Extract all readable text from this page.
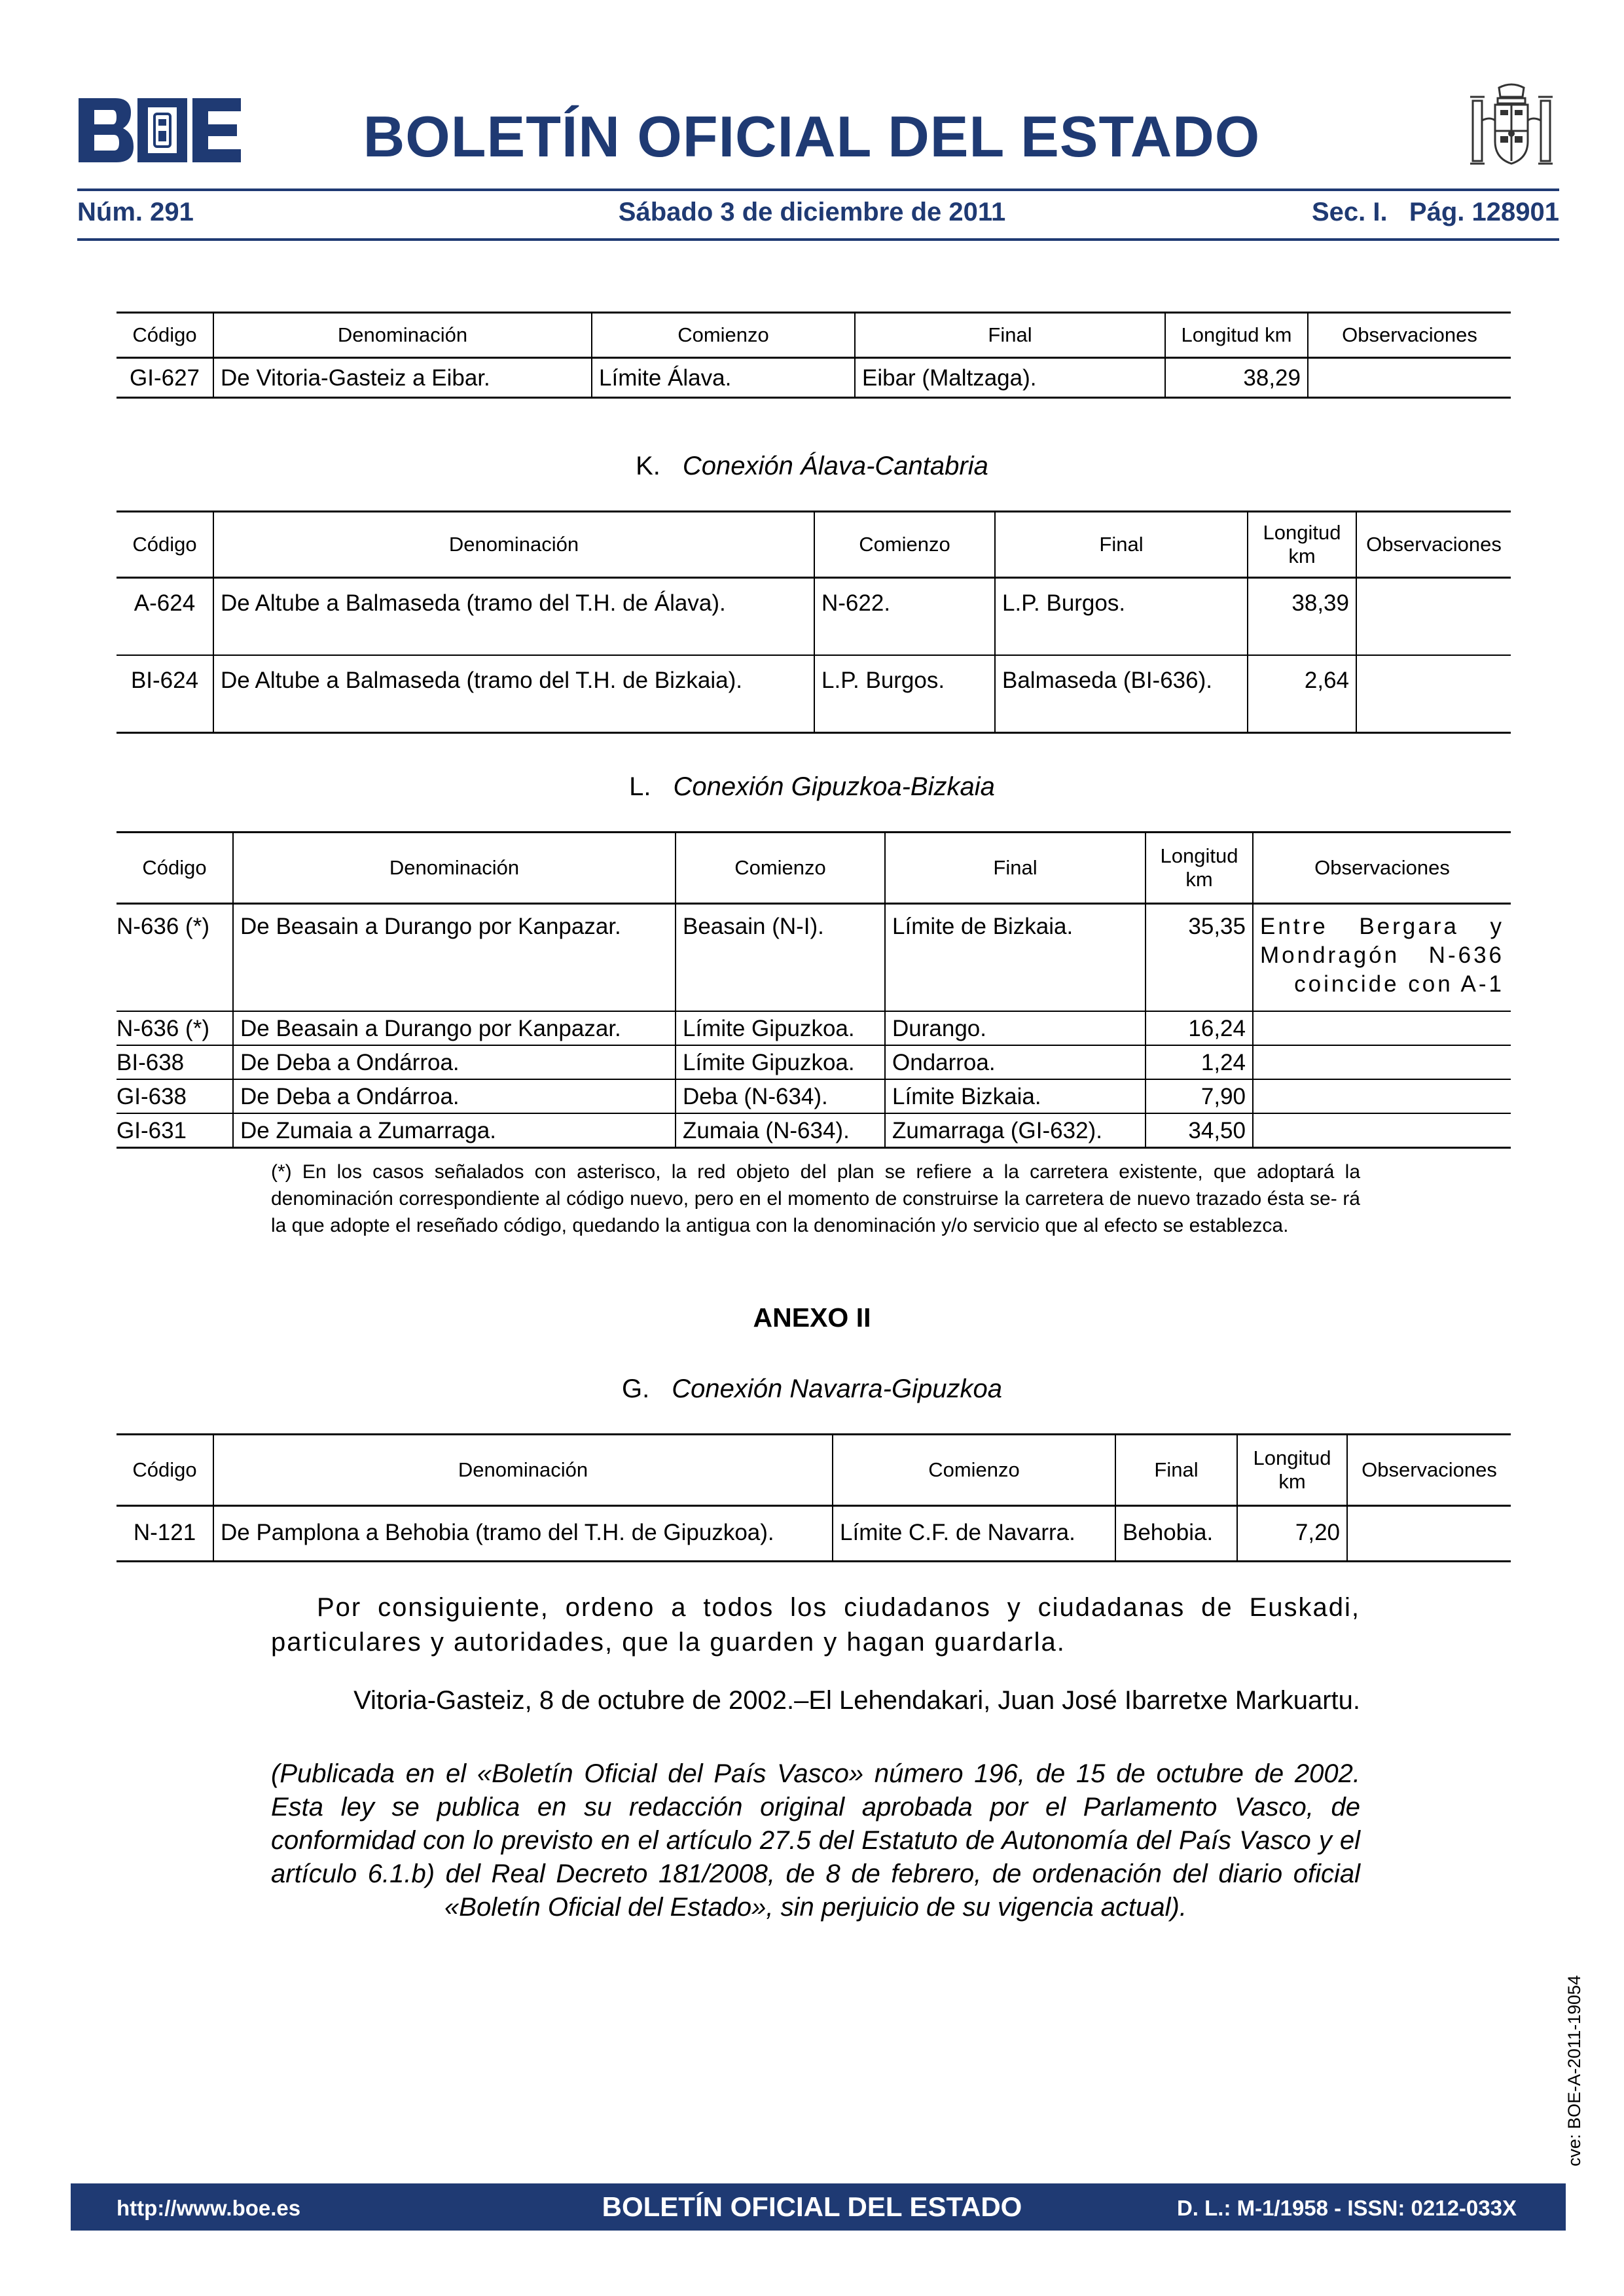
BOLETÍN OFICIAL DEL ESTADO
Núm. 291	Sábado 3 de diciembre de 2011	Sec. I.   Pág. 128901
Código	Denominación	Comienzo	Final	Longitud km	Observaciones
GI-627	De Vitoria-Gasteiz a Eibar.	Límite Álava.	Eibar (Maltzaga).	38,29	
K. Conexión Álava-Cantabria
Código	Denominación	Comienzo	Final	Longitud km	Observaciones
A-624	De Altube a Balmaseda (tramo del T.H. de Álava).	N-622.	L.P. Burgos.	38,39	
BI-624	De Altube a Balmaseda (tramo del T.H. de Bizkaia).	L.P. Burgos.	Balmaseda (BI-636).	2,64	
L. Conexión Gipuzkoa-Bizkaia
Código	Denominación	Comienzo	Final	Longitud km	Observaciones
N-636 (*)	De Beasain a Durango por Kanpazar.	Beasain (N-I).	Límite de Bizkaia.	35,35	Entre Bergara y Mondragón N-636 coincide con A-1
N-636 (*)	De Beasain a Durango por Kanpazar.	Límite Gipuzkoa.	Durango.	16,24	
BI-638	De Deba a Ondárroa.	Límite Gipuzkoa.	Ondarroa.	1,24	
GI-638	De Deba a Ondárroa.	Deba (N-634).	Límite Bizkaia.	7,90	
GI-631	De Zumaia a Zumarraga.	Zumaia (N-634).	Zumarraga (GI-632).	34,50	
(*) En los casos señalados con asterisco, la red objeto del plan se refiere a la carretera existente, que adoptará la denominación correspondiente al código nuevo, pero en el momento de construirse la carretera de nuevo trazado ésta se- rá la que adopte el reseñado código, quedando la antigua con la denominación y/o servicio que al efecto se establezca.
ANEXO II
G. Conexión Navarra-Gipuzkoa
Código	Denominación	Comienzo	Final	Longitud km	Observaciones
N-121	De Pamplona a Behobia (tramo del T.H. de Gipuzkoa).	Límite C.F. de Navarra.	Behobia.	7,20	
Por consiguiente, ordeno a todos los ciudadanos y ciudadanas de Euskadi, particulares y autoridades, que la guarden y hagan guardarla.
Vitoria-Gasteiz, 8 de octubre de 2002.–El Lehendakari, Juan José Ibarretxe Markuartu.
(Publicada en el «Boletín Oficial del País Vasco» número 196, de 15 de octubre de 2002. Esta ley se publica en su redacción original aprobada por el Parlamento Vasco, de conformidad con lo previsto en el artículo 27.5 del Estatuto de Autonomía del País Vasco y el artículo 6.1.b) del Real Decreto 181/2008, de 8 de febrero, de ordenación del diario oficial «Boletín Oficial del Estado», sin perjuicio de su vigencia actual).
cve: BOE-A-2011-19054
http://www.boe.es	BOLETÍN OFICIAL DEL ESTADO	D. L.: M-1/1958 - ISSN: 0212-033X
